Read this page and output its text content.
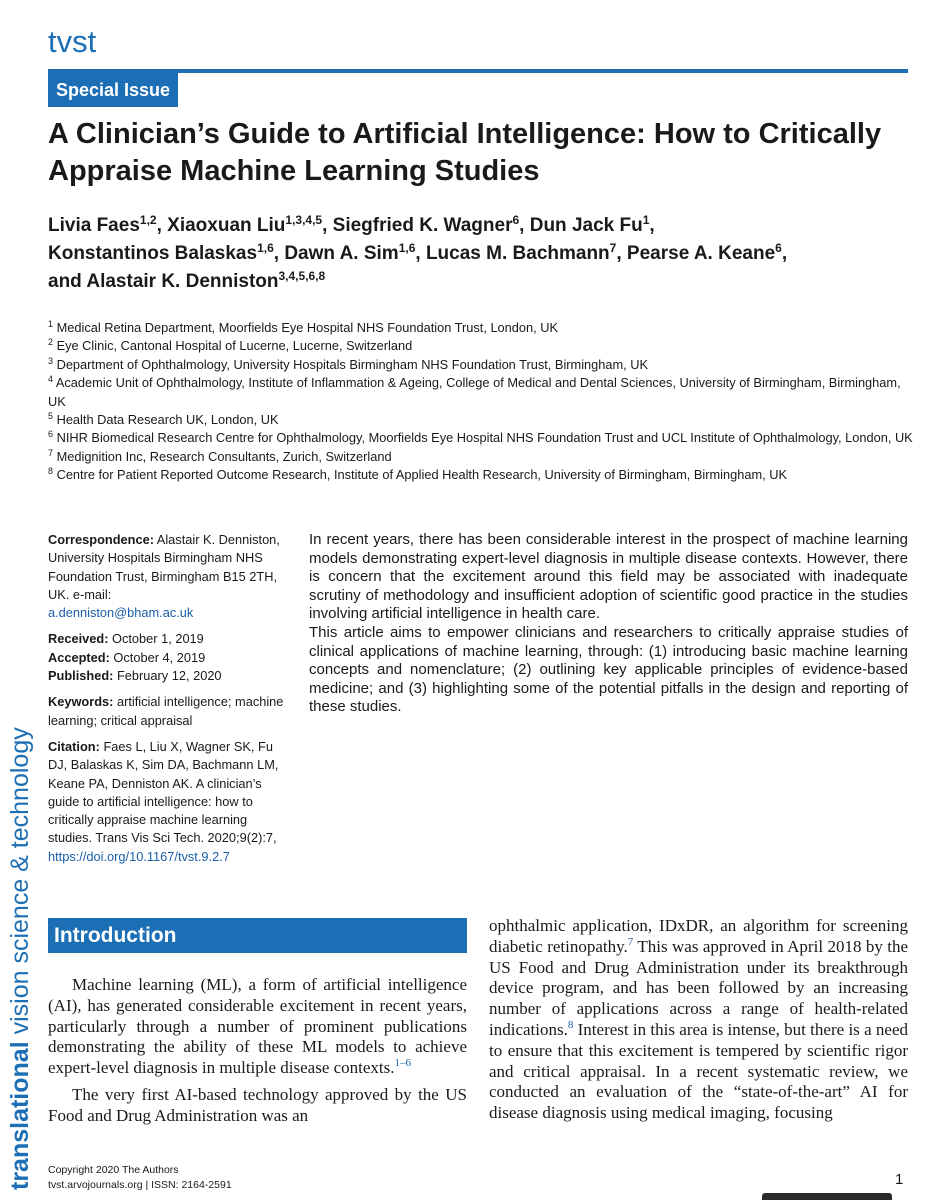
tvst
Special Issue
translational vision science & technology
A Clinician’s Guide to Artificial Intelligence: How to Critically
Appraise Machine Learning Studies
Livia Faes$^{1,2}$, Xiaoxuan Liu$^{1,3,4,5}$, Siegfried K. Wagner$^6$, Dun Jack Fu$^1$,
Konstantinos Balaskas$^{1,6}$, Dawn A. Sim$^{1,6}$, Lucas M. Bachmann$^7$, Pearse A. Keane$^6$,
and Alastair K. Denniston$^{3,4,5,6,8}$
$^1$ Medical Retina Department, Moorfields Eye Hospital NHS Foundation Trust, London, UK
$^2$ Eye Clinic, Cantonal Hospital of Lucerne, Lucerne, Switzerland
$^3$ Department of Ophthalmology, University Hospitals Birmingham NHS Foundation Trust, Birmingham, UK
$^4$ Academic Unit of Ophthalmology, Institute of Inflammation & Ageing, College of Medical and Dental Sciences, University of Birmingham, Birmingham, UK
$^5$ Health Data Research UK, London, UK
$^6$ NIHR Biomedical Research Centre for Ophthalmology, Moorfields Eye Hospital NHS Foundation Trust and UCL Institute of Ophthalmology, London, UK
$^7$ Medignition Inc, Research Consultants, Zurich, Switzerland
$^8$ Centre for Patient Reported Outcome Research, Institute of Applied Health Research, University of Birmingham, Birmingham, UK
Correspondence: Alastair K. Denniston, University Hospitals Birmingham NHS Foundation Trust, Birmingham B15 2TH, UK. e-mail:
a.denniston@bham.ac.uk
Received: October 1, 2019
Accepted: October 4, 2019
Published: February 12, 2020
Keywords: artificial intelligence; machine learning; critical appraisal
Citation: Faes L, Liu X, Wagner SK, Fu DJ, Balaskas K, Sim DA, Bachmann LM, Keane PA, Denniston AK. A clinician’s guide to artificial intelligence: how to critically appraise machine learning studies. Trans Vis Sci Tech. 2020;9(2):7,
https://doi.org/10.1167/tvst.9.2.7

In recent years, there has been considerable interest in the prospect of machine learning models demonstrating expert-level diagnosis in multiple disease contexts. However, there is concern that the excitement around this field may be associated with inadequate scrutiny of methodology and insufficient adoption of scientific good practice in the studies involving artificial intelligence in health care.

This article aims to empower clinicians and researchers to critically appraise studies of clinical applications of machine learning, through: (1) introducing basic machine learning concepts and nomenclature; (2) outlining key applicable principles of evidence-based medicine; and (3) highlighting some of the potential pitfalls in the design and reporting of these studies.

Introduction

Machine learning (ML), a form of artificial intelligence (AI), has generated considerable excitement in recent years, particularly through a number of prominent publications demonstrating the ability of these ML models to achieve expert-level diagnosis in multiple disease contexts.$^{1-6}$

The very first AI-based technology approved by the US Food and Drug Administration was an

ophthalmic application, IDxDR, an algorithm for screening diabetic retinopathy.$^7$ This was approved in April 2018 by the US Food and Drug Administration under its breakthrough device program, and has been followed by an increasing number of applications across a range of health-related indications.$^8$ Interest in this area is intense, but there is a need to ensure that this excitement is tempered by scientific rigor and critical appraisal. In a recent systematic review, we conducted an evaluation of the “state-of-the-art” AI for disease diagnosis using medical imaging, focusing

Copyright 2020 The Authors
tvst.arvojournals.org | ISSN: 2164-2591	1
